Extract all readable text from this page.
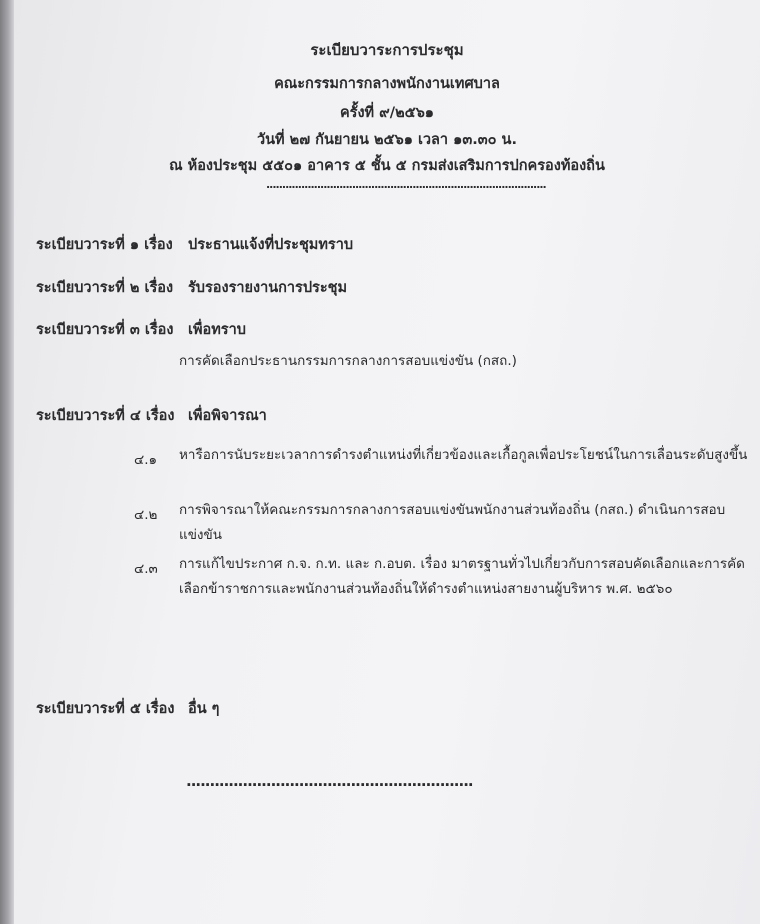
ระเบียบวาระการประชุม
คณะกรรมการกลางพนักงานเทศบาล
ครั้งที่ ๙/๒๕๖๑
วันที่ ๒๗ กันยายน ๒๕๖๑ เวลา ๑๓.๓๐ น.
ณ ห้องประชุม ๕๕๐๑ อาคาร ๕ ชั้น ๕ กรมส่งเสริมการปกครองท้องถิ่น
........................................................................................
ระเบียบวาระที่ ๑ เรื่อง ประธานแจ้งที่ประชุมทราบ
ระเบียบวาระที่ ๒ เรื่อง รับรองรายงานการประชุม
ระเบียบวาระที่ ๓ เรื่อง เพื่อทราบ
การคัดเลือกประธานกรรมการกลางการสอบแข่งขัน (กสถ.)
ระเบียบวาระที่ ๔ เรื่อง เพื่อพิจารณา
๔.๑ หารือการนับระยะเวลาการดำรงตำแหน่งที่เกี่ยวข้องและเกื้อกูลเพื่อประโยชน์ในการเลื่อนระดับสูงขึ้น
๔.๒ การพิจารณาให้คณะกรรมการกลางการสอบแข่งขันพนักงานส่วนท้องถิ่น (กสถ.) ดำเนินการสอบแข่งขัน
๔.๓ การแก้ไขประกาศ ก.จ. ก.ท. และ ก.อบต. เรื่อง มาตรฐานทั่วไปเกี่ยวกับการสอบคัดเลือกและการคัดเลือกข้าราชการและพนักงานส่วนท้องถิ่นให้ดำรงตำแหน่งสายงานผู้บริหาร พ.ศ. ๒๕๖๐
ระเบียบวาระที่ ๕ เรื่อง อื่น ๆ
.............................................................
